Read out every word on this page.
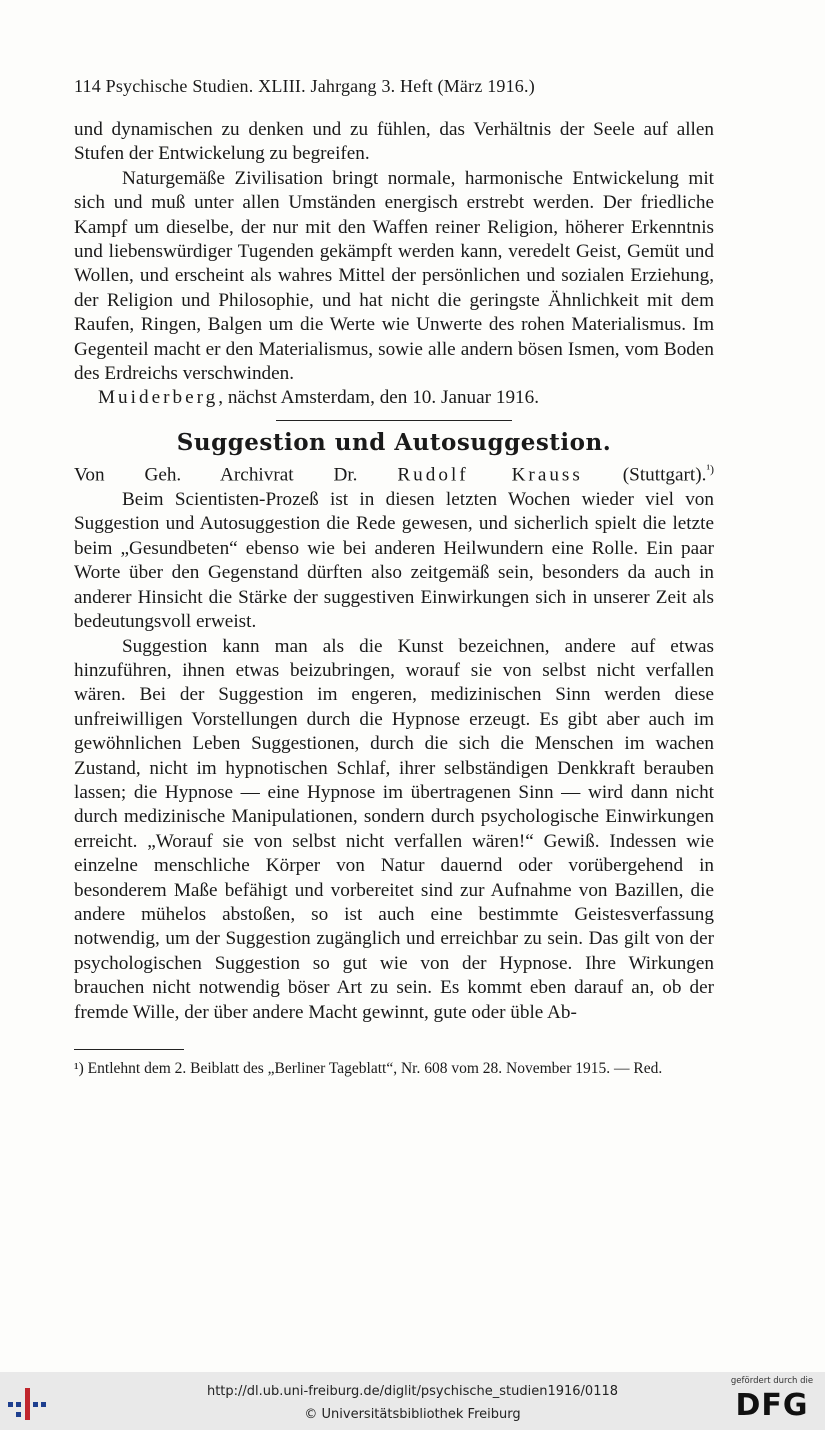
114 Psychische Studien. XLIII. Jahrgang 3. Heft (März 1916.)

und dynamischen zu denken und zu fühlen, das Verhältnis der Seele auf allen Stufen der Entwickelung zu begreifen.

Naturgemäße Zivilisation bringt normale, harmonische Entwickelung mit sich und muß unter allen Umständen energisch erstrebt werden. Der friedliche Kampf um dieselbe, der nur mit den Waffen reiner Religion, höherer Erkenntnis und liebenswürdiger Tugenden gekämpft werden kann, veredelt Geist, Gemüt und Wollen, und erscheint als wahres Mittel der persönlichen und sozialen Erziehung, der Religion und Philosophie, und hat nicht die geringste Ähnlichkeit mit dem Raufen, Ringen, Balgen um die Werte wie Unwerte des rohen Materialismus. Im Gegenteil macht er den Materialismus, sowie alle andern bösen Ismen, vom Boden des Erdreichs verschwinden.

Muiderberg, nächst Amsterdam, den 10. Januar 1916.

Suggestion und Autosuggestion.

Von Geh. Archivrat Dr. Rudolf Krauss (Stuttgart).$^{^1)}$

Beim Scientisten-Prozeß ist in diesen letzten Wochen wieder viel von Suggestion und Autosuggestion die Rede gewesen, und sicherlich spielt die letzte beim „Gesundbeten“ ebenso wie bei anderen Heilwundern eine Rolle. Ein paar Worte über den Gegenstand dürften also zeitgemäß sein, besonders da auch in anderer Hinsicht die Stärke der suggestiven Einwirkungen sich in unserer Zeit als bedeutungsvoll erweist.

Suggestion kann man als die Kunst bezeichnen, andere auf etwas hinzuführen, ihnen etwas beizubringen, worauf sie von selbst nicht verfallen wären. Bei der Suggestion im engeren, medizinischen Sinn werden diese unfreiwilligen Vorstellungen durch die Hypnose erzeugt. Es gibt aber auch im gewöhnlichen Leben Suggestionen, durch die sich die Menschen im wachen Zustand, nicht im hypnotischen Schlaf, ihrer selbständigen Denkkraft berauben lassen; die Hypnose — eine Hypnose im übertragenen Sinn — wird dann nicht durch medizinische Manipulationen, sondern durch psychologische Einwirkungen erreicht. „Worauf sie von selbst nicht verfallen wären!“ Gewiß. Indessen wie einzelne menschliche Körper von Natur dauernd oder vorübergehend in besonderem Maße befähigt und vorbereitet sind zur Aufnahme von Bazillen, die andere mühelos abstoßen, so ist auch eine bestimmte Geistesverfassung notwendig, um der Suggestion zugänglich und erreichbar zu sein. Das gilt von der psychologischen Suggestion so gut wie von der Hypnose. Ihre Wirkungen brauchen nicht notwendig böser Art zu sein. Es kommt eben darauf an, ob der fremde Wille, der über andere Macht gewinnt, gute oder üble Ab-

¹) Entlehnt dem 2. Beiblatt des „Berliner Tageblatt“, Nr. 608 vom 28. November 1915. — Red.

http://dl.ub.uni-freiburg.de/diglit/psychische_studien1916/0118
© Universitätsbibliothek Freiburg
gefördert durch die
DFG
